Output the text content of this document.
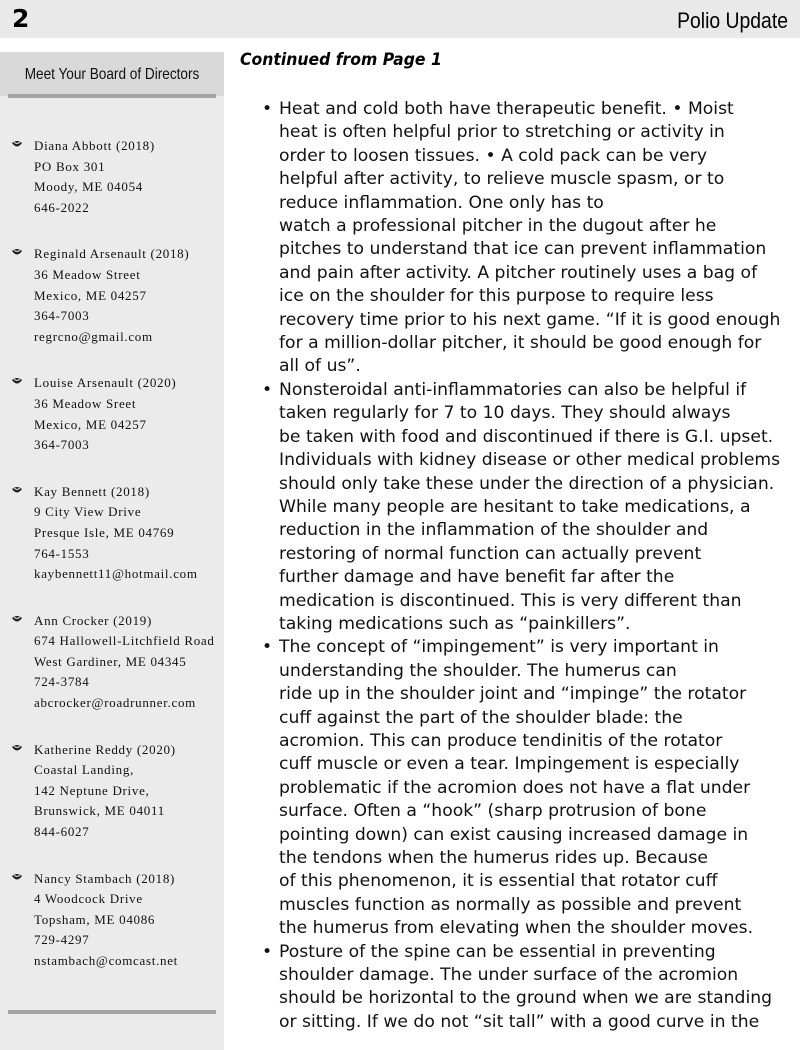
2	Polio Update
Meet Your Board of Directors
Diana Abbott (2018)
PO Box 301
Moody, ME 04054
646-2022
Reginald Arsenault (2018)
36 Meadow Street
Mexico, ME 04257
364-7003
regrcno@gmail.com
Louise Arsenault (2020)
36 Meadow Sreet
Mexico, ME 04257
364-7003
Kay Bennett (2018)
9 City View Drive
Presque Isle, ME 04769
764-1553
kaybennett11@hotmail.com
Ann Crocker (2019)
674 Hallowell-Litchfield Road
West Gardiner, ME 04345
724-3784
abcrocker@roadrunner.com
Katherine Reddy (2020)
Coastal Landing,
142 Neptune Drive,
Brunswick, ME 04011
844-6027
Nancy Stambach (2018)
4 Woodcock Drive
Topsham, ME 04086
729-4297
nstambach@comcast.net
Continued from Page 1
• Heat and cold both have therapeutic benefit. • Moist
heat is often helpful prior to stretching or activity in
order to loosen tissues. • A cold pack can be very
helpful after activity, to relieve muscle spasm, or to
reduce inflammation. One only has to
watch a professional pitcher in the dugout after he
pitches to understand that ice can prevent inflammation
and pain after activity. A pitcher routinely uses a bag of
ice on the shoulder for this purpose to require less
recovery time prior to his next game. “If it is good enough
for a million-dollar pitcher, it should be good enough for
all of us”.
• Nonsteroidal anti-inflammatories can also be helpful if
taken regularly for 7 to 10 days. They should always
be taken with food and discontinued if there is G.I. upset.
Individuals with kidney disease or other medical problems
should only take these under the direction of a physician.
While many people are hesitant to take medications, a
reduction in the inflammation of the shoulder and
restoring of normal function can actually prevent
further damage and have benefit far after the
medication is discontinued. This is very different than
taking medications such as “painkillers”.
• The concept of “impingement” is very important in
understanding the shoulder. The humerus can
ride up in the shoulder joint and “impinge” the rotator
cuff against the part of the shoulder blade: the
acromion. This can produce tendinitis of the rotator
cuff muscle or even a tear. Impingement is especially
problematic if the acromion does not have a flat under
surface. Often a “hook” (sharp protrusion of bone
pointing down) can exist causing increased damage in
the tendons when the humerus rides up. Because
of this phenomenon, it is essential that rotator cuff
muscles function as normally as possible and prevent
the humerus from elevating when the shoulder moves.
• Posture of the spine can be essential in preventing
shoulder damage. The under surface of the acromion
should be horizontal to the ground when we are standing
or sitting. If we do not “sit tall” with a good curve in the
